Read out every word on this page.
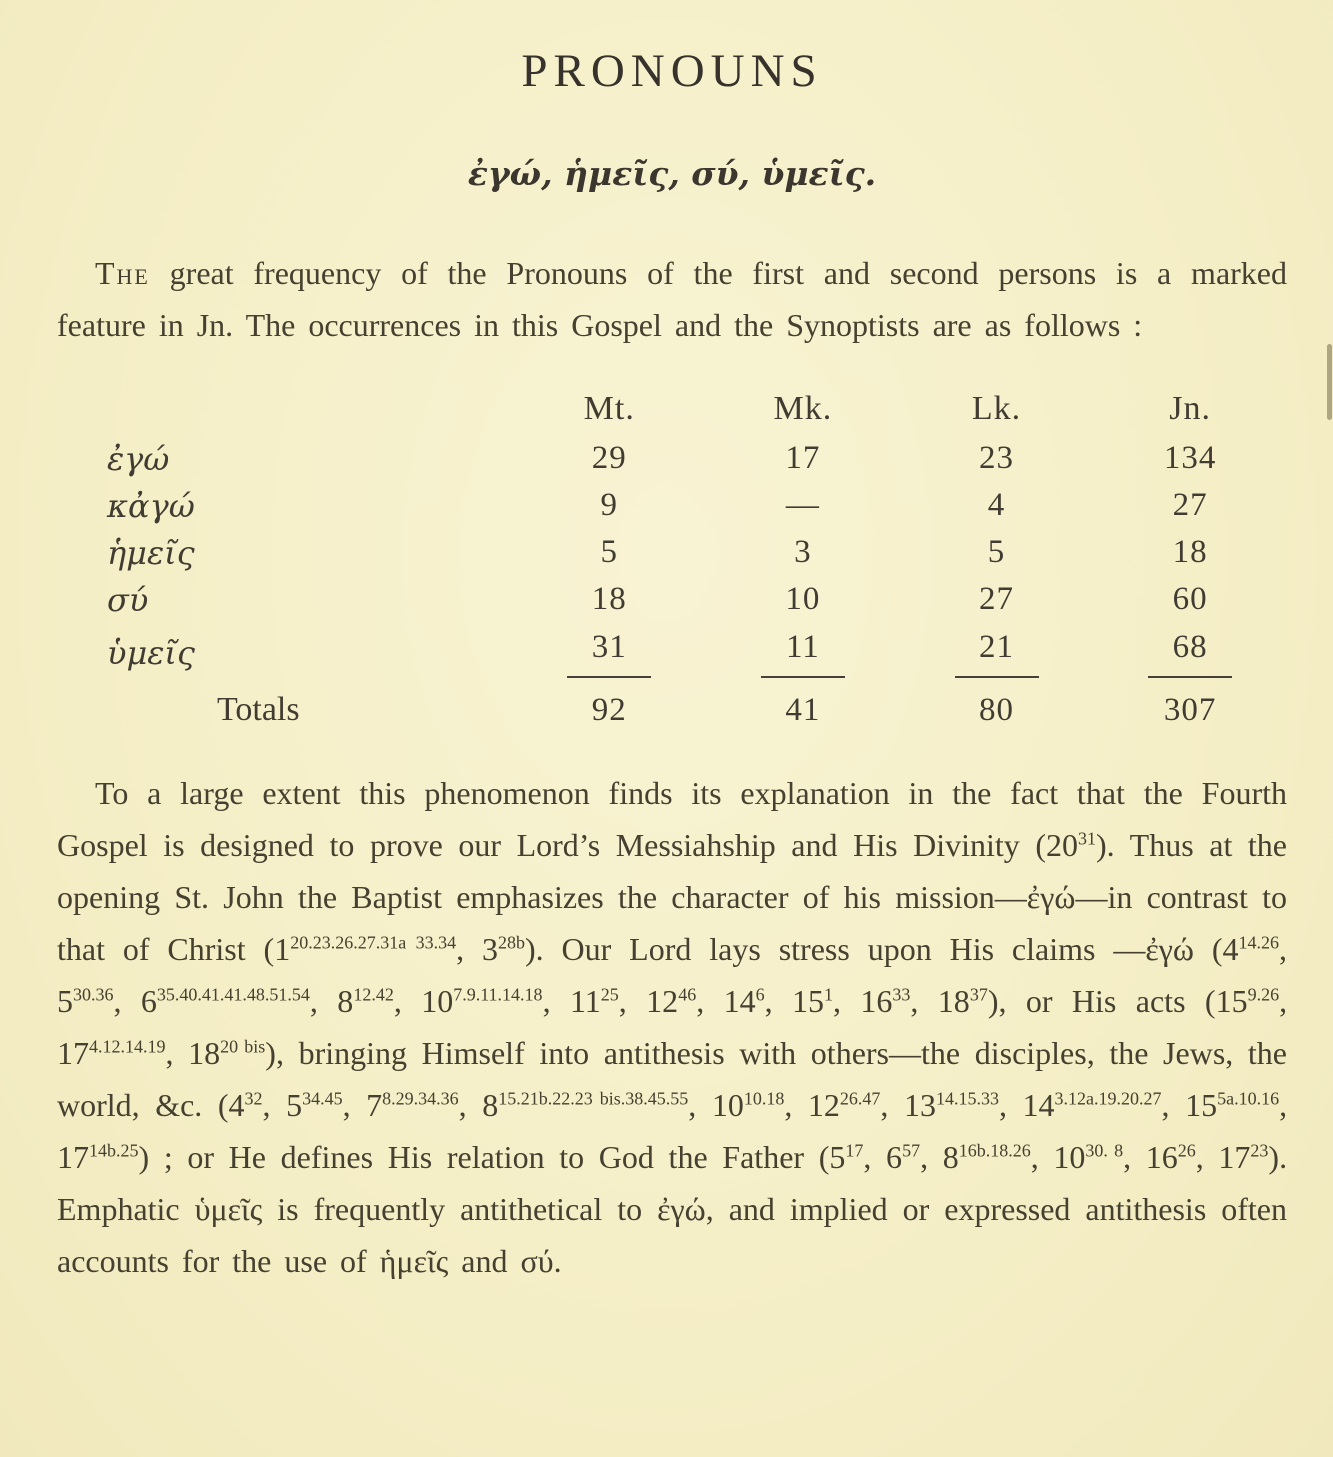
PRONOUNS
ἐγώ, ἡμεῖς, σύ, ὑμεῖς.

The great frequency of the Pronouns of the first and second persons is a marked feature in Jn. The occurrences in this Gospel and the Synoptists are as follows :

	Mt.	Mk.	Lk.	Jn.
ἐγώ	29	17	23	134
κἀγώ	9	—	4	27
ἡμεῖς	5	3	5	18
σύ	18	10	27	60
ὑμεῖς	31	11	21	68
Totals	92	41	80	307

To a large extent this phenomenon finds its explanation in the fact that the Fourth Gospel is designed to prove our Lord’s Messiahship and His Divinity $(20^{31})$. Thus at the opening St. John the Baptist emphasizes the character of his mission—ἐγώ—in contrast to that of Christ ($1^{20.23.26.27.31a 33.34}$, $3^{28b}$). Our Lord lays stress upon His claims —ἐγώ ($4^{14.26}$, $5^{30.36}$, $6^{35.40.41.41.48.51.54}$, $8^{12.42}$, $10^{7.9.11.14.18}$, $11^{25}$, $12^{46}$, $14^6$, $15^1$, $16^{33}$, $18^{37}$), or His acts ($15^{9.26}$, $17^{4.12.14.19}$, $18^{20 bis}$), bringing Himself into antithesis with others—the disciples, the Jews, the world, &c. ($4^{32}$, $5^{34.45}$, $7^{8.29.34.36}$, $8^{15.21b.22.23 bis.38.45.55}$, $10^{10.18}$, $12^{26.47}$, $13^{14.15.33}$, $14^{3.12a.19.20.27}$, $15^{5a.10.16}$, $17^{14b.25}$) ; or He defines His relation to God the Father ($5^{17}$, $6^{57}$, $8^{16b.18.26}$, $10^{30. 8}$, $16^{26}$, $17^{23}$). Emphatic ὑμεῖς is frequently antithetical to ἐγώ, and implied or expressed antithesis often accounts for the use of ἡμεῖς and σύ.
